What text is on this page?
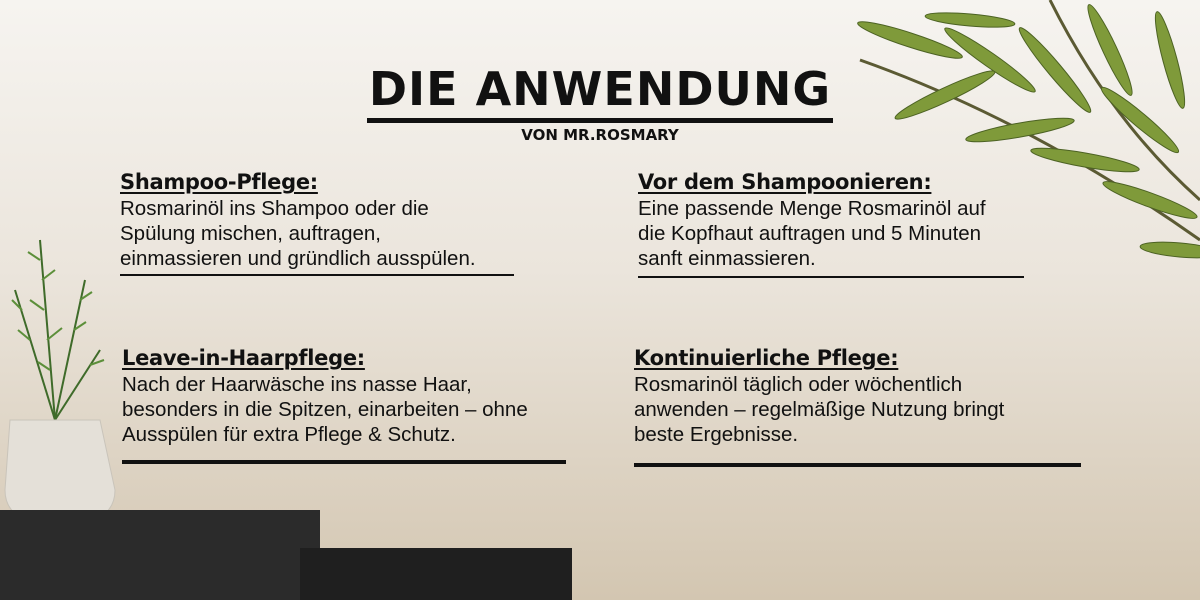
DIE ANWENDUNG
VON MR.ROSMARY
Shampoo-Pflege:

Rosmarinöl ins Shampoo oder die Spülung mischen, auftragen, einmassieren und gründlich ausspülen.

Vor dem Shampoonieren:

Eine passende Menge Rosmarinöl auf die Kopfhaut auftragen und 5 Minuten sanft einmassieren.

Leave-in-Haarpflege:

Nach der Haarwäsche ins nasse Haar, besonders in die Spitzen, einarbeiten – ohne Ausspülen für extra Pflege & Schutz.

Kontinuierliche Pflege:

Rosmarinöl täglich oder wöchentlich anwenden – regelmäßige Nutzung bringt beste Ergebnisse.
